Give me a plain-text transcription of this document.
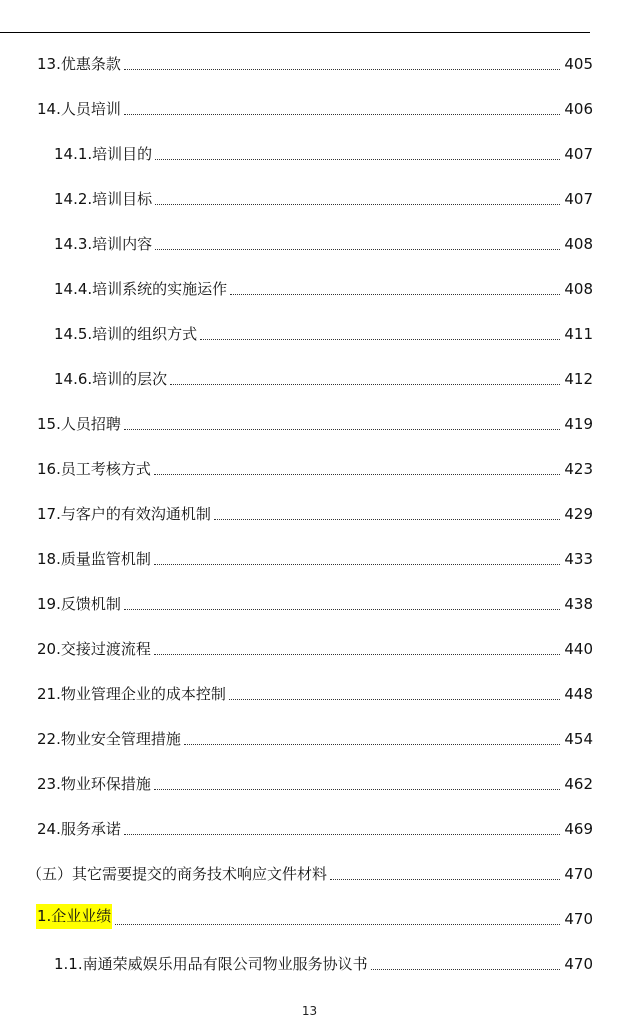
13.优惠条款	405
14.人员培训	406
14.1.培训目的	407
14.2.培训目标	407
14.3.培训内容	408
14.4.培训系统的实施运作	408
14.5.培训的组织方式	411
14.6.培训的层次	412
15.人员招聘	419
16.员工考核方式	423
17.与客户的有效沟通机制	429
18.质量监管机制	433
19.反馈机制	438
20.交接过渡流程	440
21.物业管理企业的成本控制	448
22.物业安全管理措施	454
23.物业环保措施	462
24.服务承诺	469
（五）其它需要提交的商务技术响应文件材料	470
1.企业业绩	470
1.1.南通荣威娱乐用品有限公司物业服务协议书	470
13
